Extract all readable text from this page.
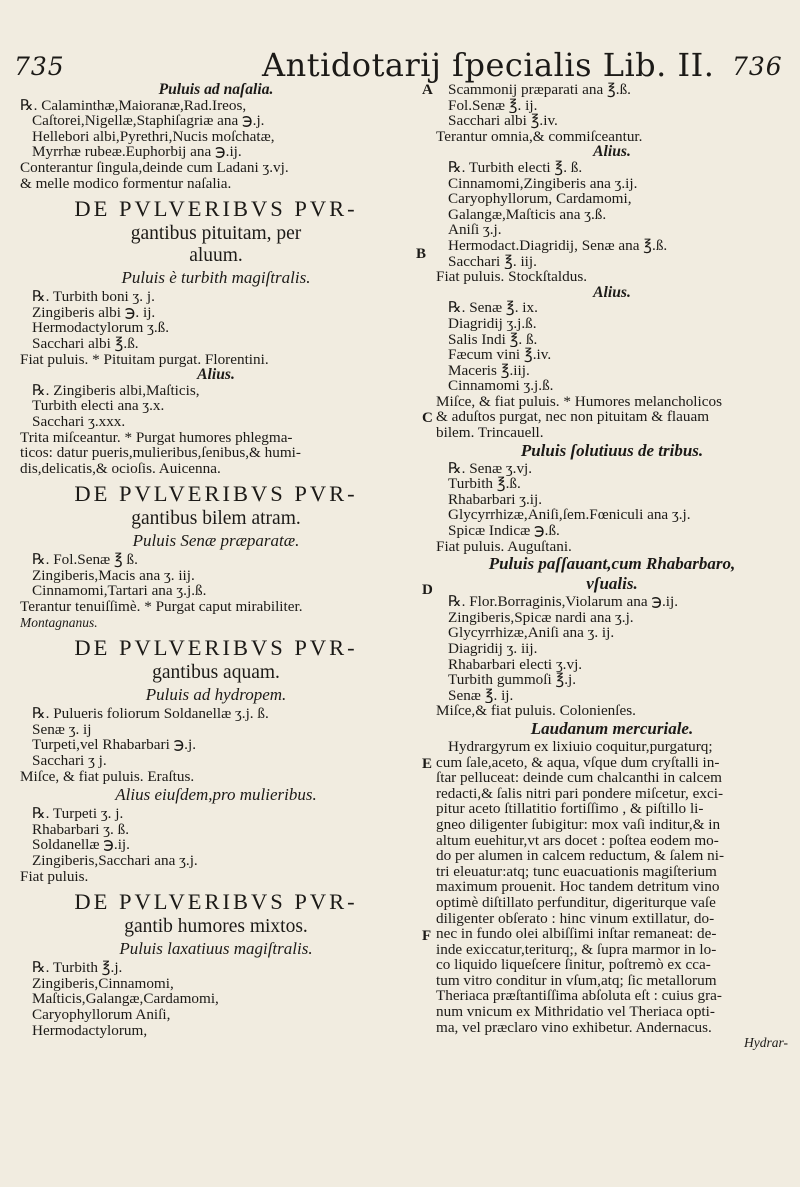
735	Antidotarij ſpecialis Lib. II. 736
Puluis ad naſalia.
℞. Calaminthæ,Maioranæ,Rad.Ireos,
Caſtorei,Nigellæ,Staphiſagriæ ana ℈.j.
Hellebori albi,Pyrethri,Nucis moſchatæ,
Myrrhæ rubeæ.Euphorbij ana ℈.ij.
Conterantur ſingula,deinde cum Ladani ʒ.vj.
& melle modico formentur naſalia.
DE PVLVERIBVS PVR-
gantibus pituitam, per
aluum.
Puluis è turbith magiſtralis.
℞. Turbith boni ʒ. j.
Zingiberis albi ℈. ij.
Hermodactylorum ʒ.ß.
Sacchari albi ℥.ß.
Fiat puluis. * Pituitam purgat. Florentini.
Alius.
℞. Zingiberis albi,Maſticis,
Turbith electi ana ʒ.x.
Sacchari ʒ.xxx.
Trita miſceantur. * Purgat humores phlegma-
ticos: datur pueris,mulieribus,ſenibus,& humi-
dis,delicatis,& ocioſis. Auicenna.
DE PVLVERIBVS PVR-
gantibus bilem atram.
Puluis Senæ præparatæ.
℞. Fol.Senæ ℥ ß.
Zingiberis,Macis ana ʒ. iij.
Cinnamomi,Tartari ana ʒ.j.ß.
Terantur tenuiſſimè. * Purgat caput mirabiliter.
Montagnanus.
DE PVLVERIBVS PVR-
gantibus aquam.
Puluis ad hydropem.
℞. Pulueris foliorum Soldanellæ ʒ.j. ß.
Senæ ʒ. ij
Turpeti,vel Rhabarbari ℈.j.
Sacchari ʒ j.
Miſce, & fiat puluis. Eraſtus.
Alius eiuſdem,pro mulieribus.
℞. Turpeti ʒ. j.
Rhabarbari ʒ. ß.
Soldanellæ ℈.ij.
Zingiberis,Sacchari ana ʒ.j.
Fiat puluis.
DE PVLVERIBVS PVR-
gantib humores mixtos.
Puluis laxatiuus magiſtralis.
℞. Turbith ℥.j.
Zingiberis,Cinnamomi,
Maſticis,Galangæ,Cardamomi,
Caryophyllorum Aniſi,
Hermodactylorum,
Scammonij præparati ana ℥.ß.
Fol.Senæ ℥. ij.
Sacchari albi ℥.iv.
Terantur omnia,& commiſceantur.
Alius.
℞. Turbith electi ℥. ß.
Cinnamomi,Zingiberis ana ʒ.ij.
Caryophyllorum, Cardamomi,
Galangæ,Maſticis ana ʒ.ß.
Aniſi ʒ.j.
Hermodact.Diagridij, Senæ ana ℥.ß.
Sacchari ℥. iij.
Fiat puluis. Stockſtaldus.
Alius.
℞. Senæ ℥. ix.
Diagridij ʒ.j.ß.
Salis Indi ℥. ß.
Fæcum vini ℥.iv.
Maceris ℥.iij.
Cinnamomi ʒ.j.ß.
Miſce, & fiat puluis. * Humores melancholicos
& aduſtos purgat, nec non pituitam & flauam
bilem. Trincauell.
Puluis ſolutiuus de tribus.
℞. Senæ ʒ.vj.
Turbith ℥.ß.
Rhabarbari ʒ.ij.
Glycyrrhizæ,Aniſi,ſem.Fœniculi ana ʒ.j.
Spicæ Indicæ ℈.ß.
Fiat puluis. Auguſtani.
Puluis paſſauant,cum Rhabarbaro,
vſualis.
℞. Flor.Borraginis,Violarum ana ℈.ij.
Zingiberis,Spicæ nardi ana ʒ.j.
Glycyrrhizæ,Aniſi ana ʒ. ij.
Diagridij ʒ. iij.
Rhabarbari electi ʒ.vj.
Turbith gummoſi ℥.j.
Senæ ℥. ij.
Miſce,& fiat puluis. Colonienſes.
Laudanum mercuriale.
Hydrargyrum ex lixiuio coquitur,purgaturq;
cum ſale,aceto, & aqua, vſque dum cryſtalli in-
ſtar pelluceat: deinde cum chalcanthi in calcem
redacti,& ſalis nitri pari pondere miſcetur, exci-
pitur aceto ſtillatitio fortiſſimo , & piſtillo li-
gneo diligenter ſubigitur: mox vaſi inditur,& in
altum euehitur,vt ars docet : poſtea eodem mo-
do per alumen in calcem reductum, & ſalem ni-
tri eleuatur:atq; tunc euacuationis magiſterium
maximum prouenit. Hoc tandem detritum vino
optimè diſtillato perfunditur, digeriturque vaſe
diligenter obſerato : hinc vinum extillatur, do-
nec in fundo olei albiſſimi inſtar remaneat: de-
inde exiccatur,teriturq;, & ſupra marmor in lo-
co liquido liqueſcere ſinitur, poſtremò ex cca-
tum vitro conditur in vſum,atq; ſic metallorum
Theriaca præſtantiſſima abſoluta eſt : cuius gra-
num vnicum ex Mithridatio vel Theriaca opti-
ma, vel præclaro vino exhibetur. Andernacus.
Hydrar-
A
B
C
D
E
F
